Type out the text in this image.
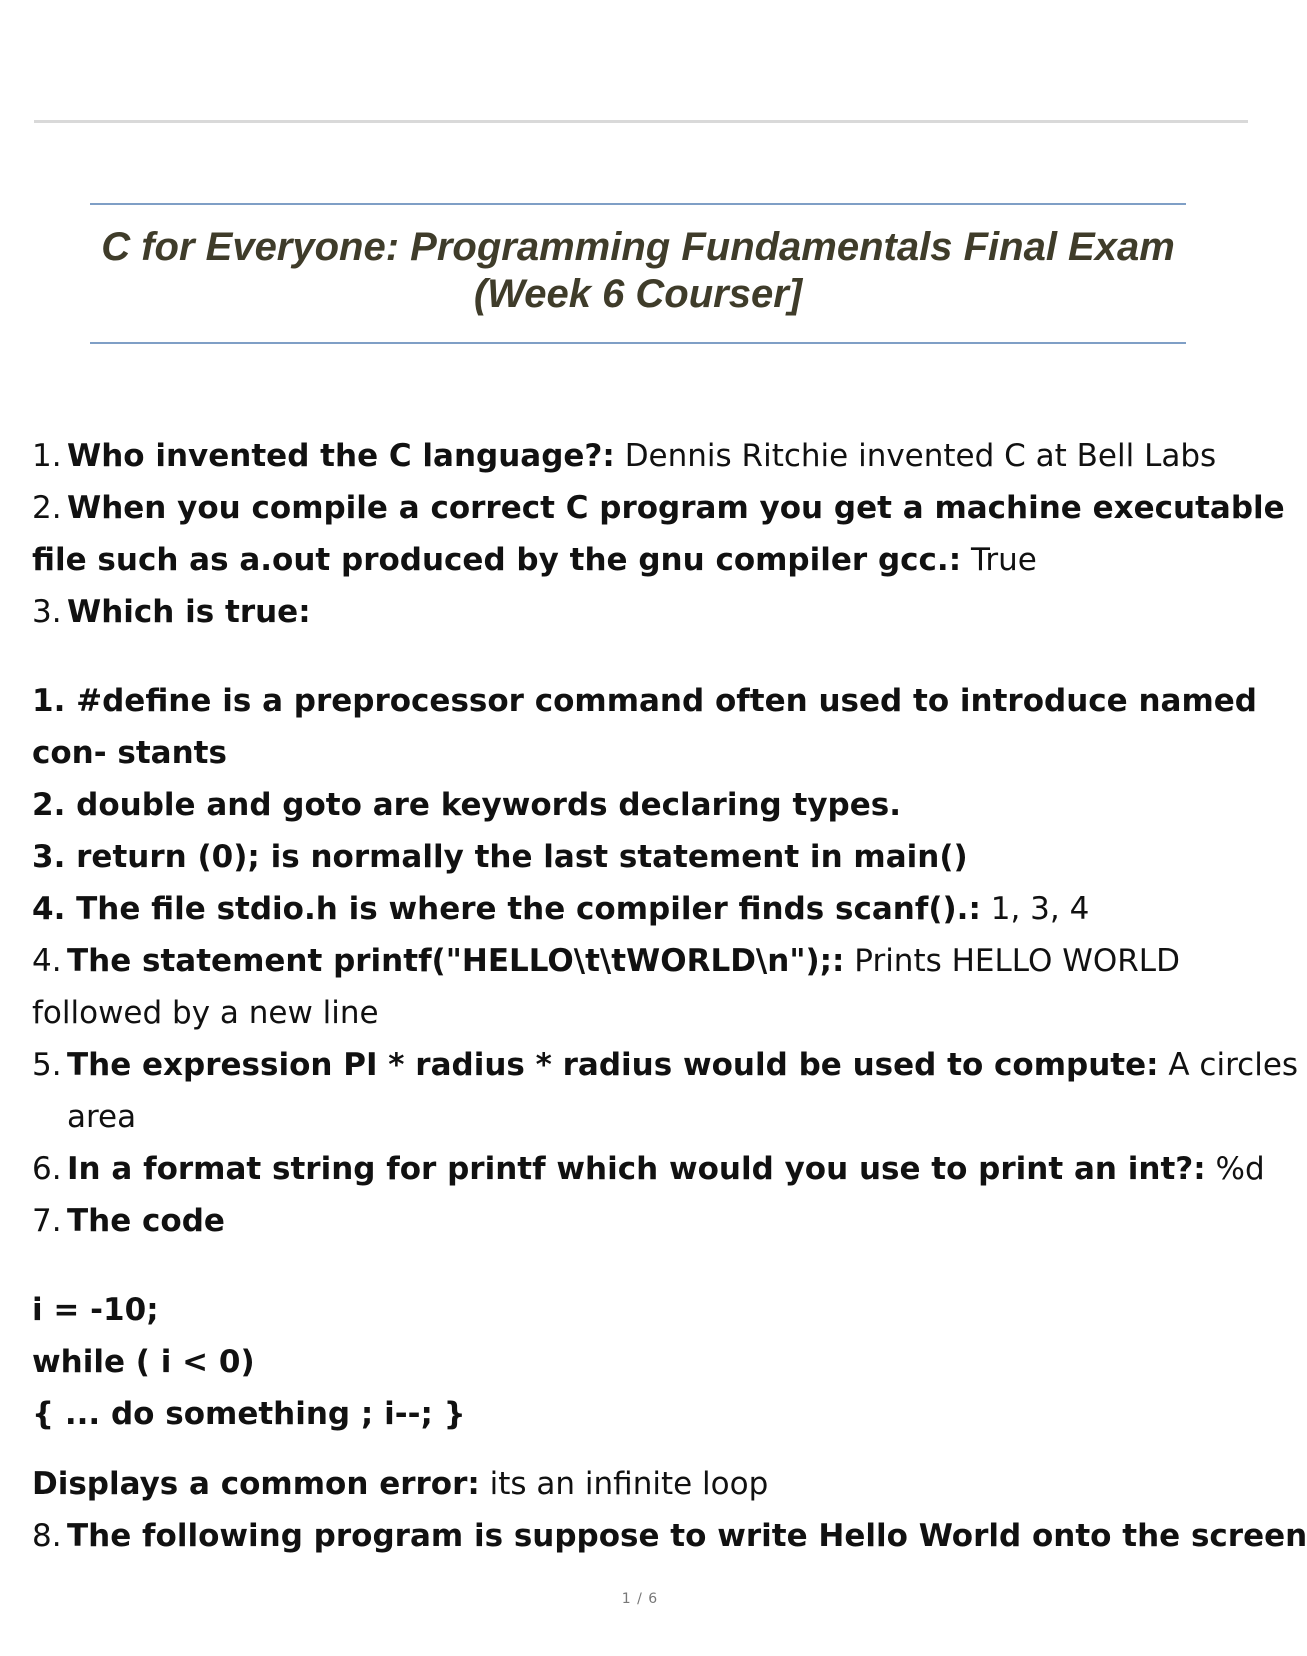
C for Everyone: Programming Fundamentals Final Exam (Week 6 Courser]
1. Who invented the C language?: Dennis Ritchie invented C at Bell Labs
2. When you compile a correct C program you get a machine executable
file such as a.out produced by the gnu compiler gcc.: True
3. Which is true:
1. #define is a preprocessor command often used to introduce named
con- stants
2. double and goto are keywords declaring types.
3. return (0); is normally the last statement in main()
4. The file stdio.h is where the compiler finds scanf().: 1, 3, 4
4. The statement printf("HELLO\t\tWORLD\n");: Prints HELLO WORLD
followed by a new line
5. The expression PI * radius * radius would be used to compute: A circles
area
6. In a format string for printf which would you use to print an int?: %d
7. The code
i = -10;
while ( i < 0)
{ ... do something ; i--; }
Displays a common error: its an infinite loop
8. The following program is suppose to write Hello World onto the screen
1 / 6
